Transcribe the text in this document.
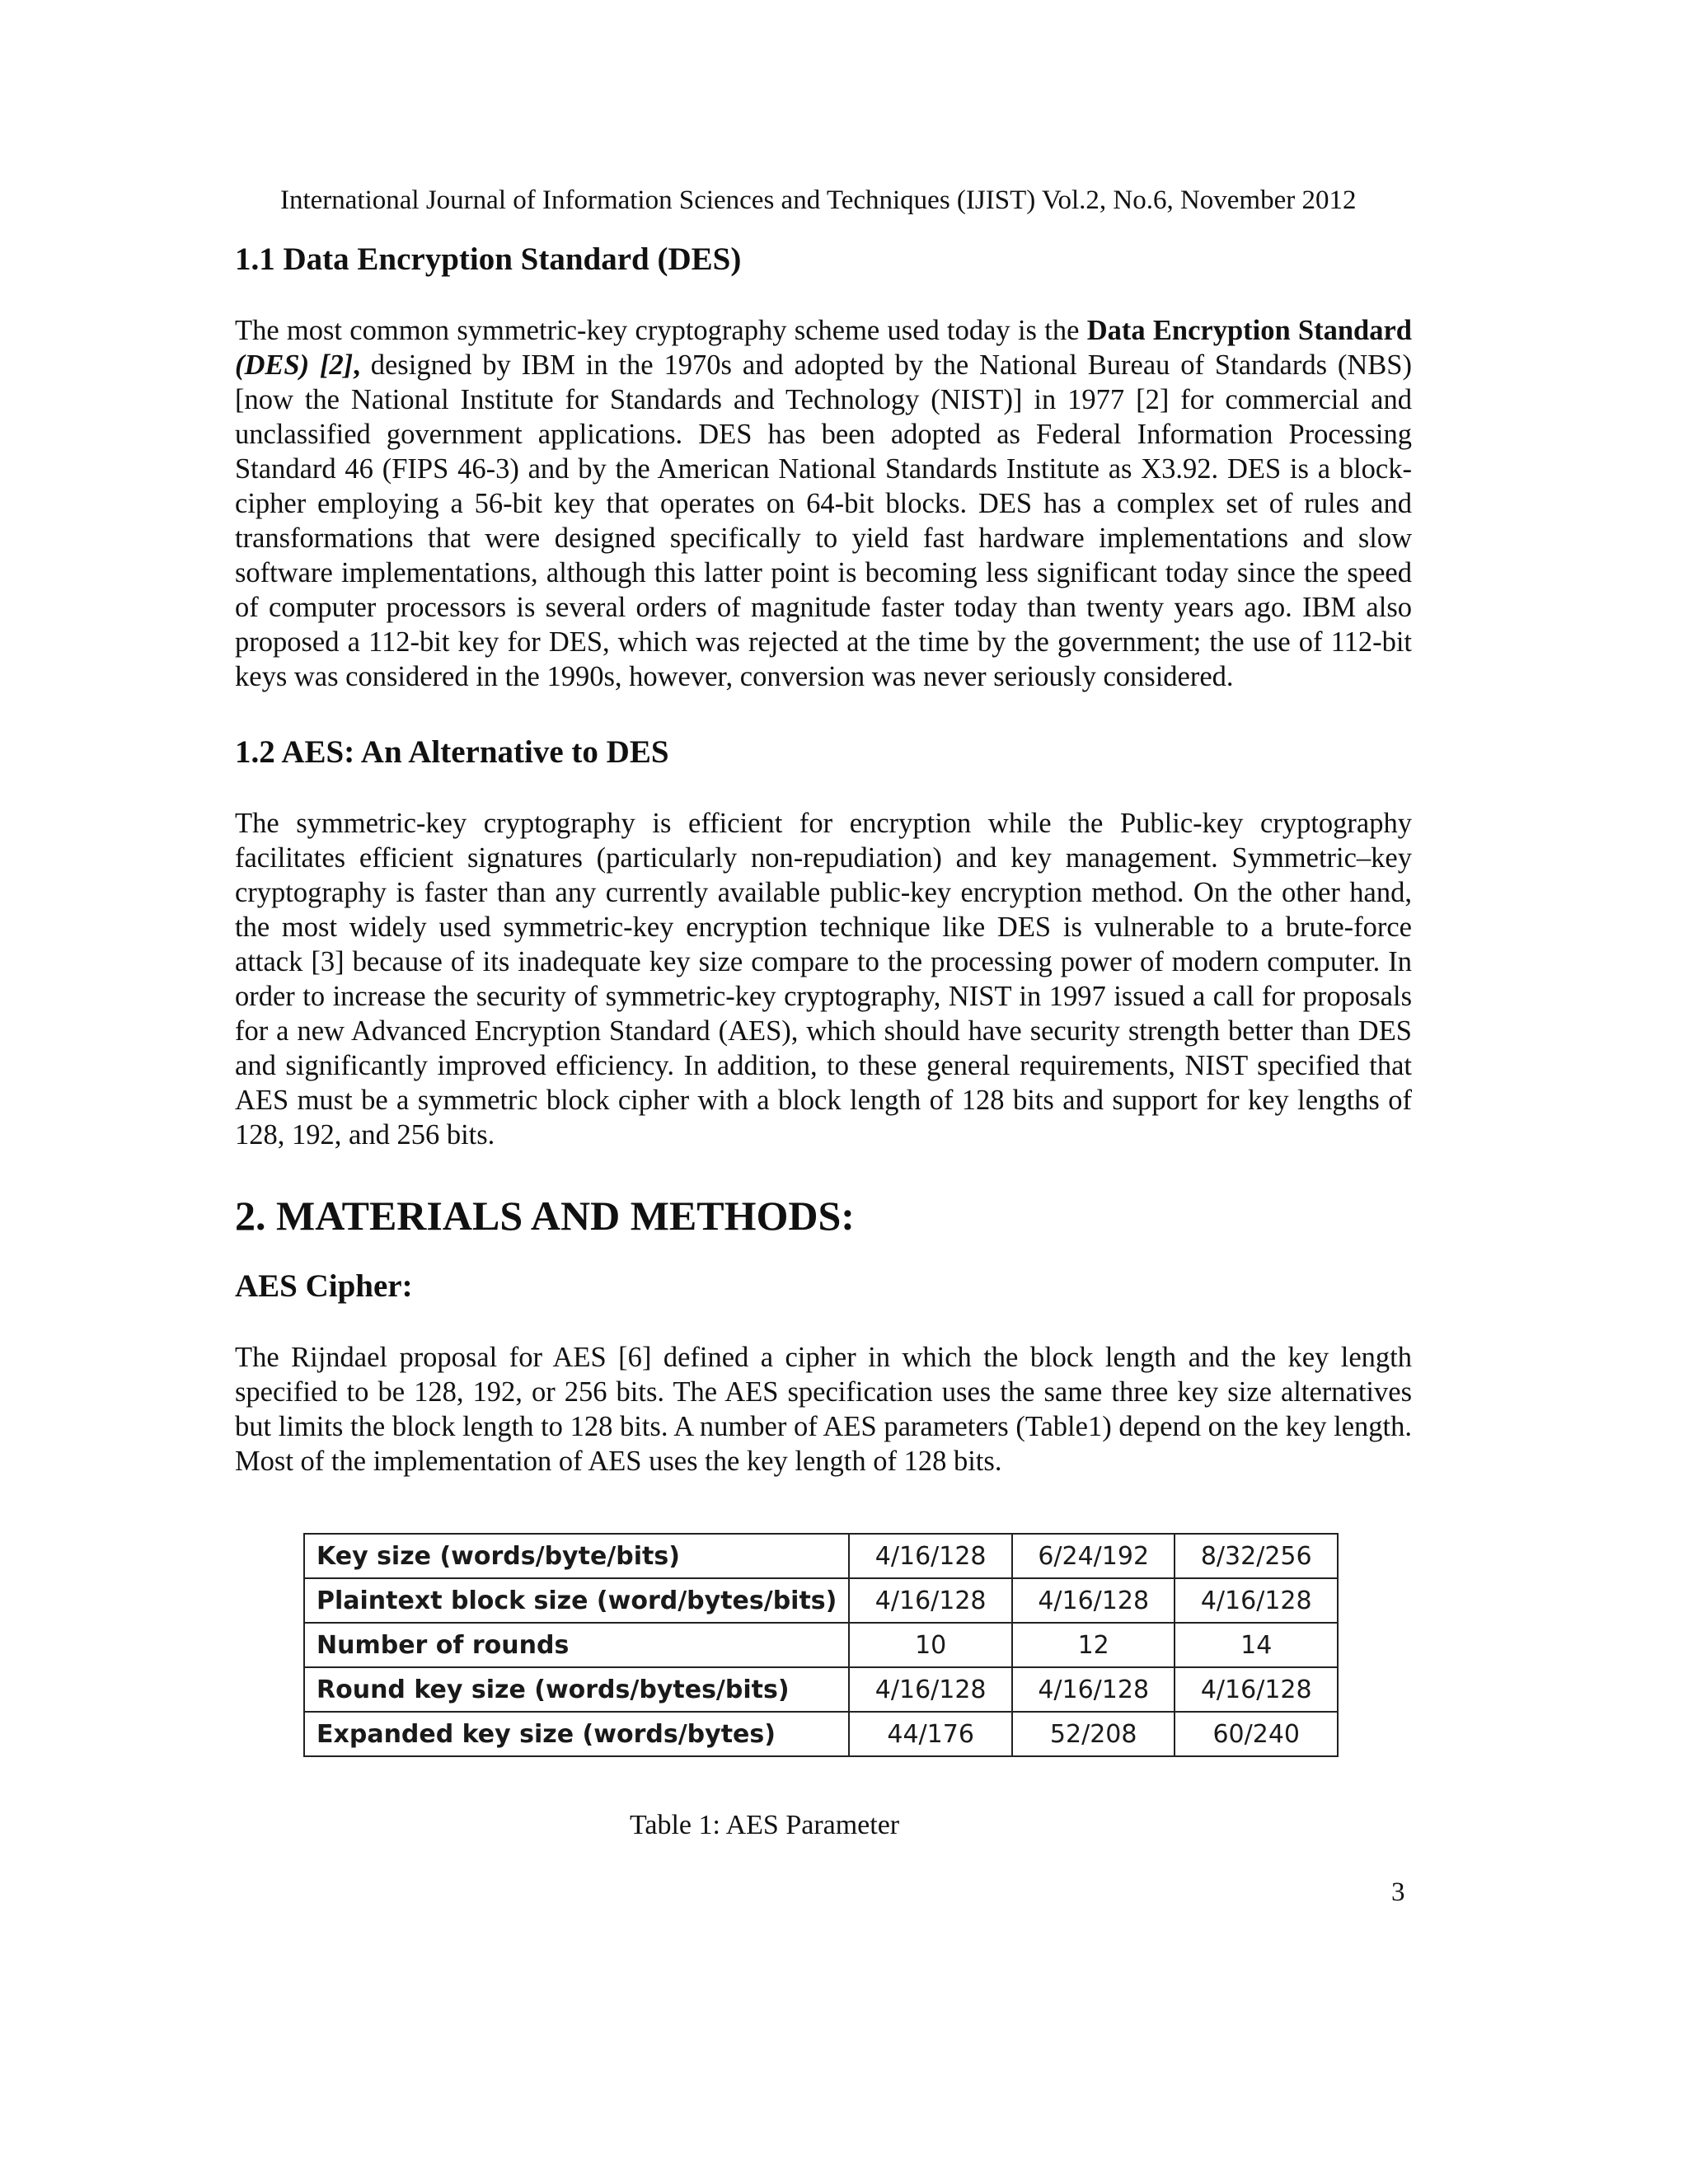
International Journal of Information Sciences and Techniques (IJIST) Vol.2, No.6, November 2012
1.1 Data Encryption Standard (DES)

The most common symmetric-key cryptography scheme used today is the Data Encryption Standard (DES) [2], designed by IBM in the 1970s and adopted by the National Bureau of Standards (NBS) [now the National Institute for Standards and Technology (NIST)] in 1977 [2] for commercial and unclassified government applications. DES has been adopted as Federal Information Processing Standard 46 (FIPS 46-3) and by the American National Standards Institute as X3.92. DES is a block-cipher employing a 56-bit key that operates on 64-bit blocks. DES has a complex set of rules and transformations that were designed specifically to yield fast hardware implementations and slow software implementations, although this latter point is becoming less significant today since the speed of computer processors is several orders of magnitude faster today than twenty years ago. IBM also proposed a 112-bit key for DES, which was rejected at the time by the government; the use of 112-bit keys was considered in the 1990s, however, conversion was never seriously considered.

1.2 AES: An Alternative to DES

The symmetric-key cryptography is efficient for encryption while the Public-key cryptography facilitates efficient signatures (particularly non-repudiation) and key management. Symmetric–key cryptography is faster than any currently available public-key encryption method. On the other hand, the most widely used symmetric-key encryption technique like DES is vulnerable to a brute-force attack [3] because of its inadequate key size compare to the processing power of modern computer. In order to increase the security of symmetric-key cryptography, NIST in 1997 issued a call for proposals for a new Advanced Encryption Standard (AES), which should have security strength better than DES and significantly improved efficiency. In addition, to these general requirements, NIST specified that AES must be a symmetric block cipher with a block length of 128 bits and support for key lengths of 128, 192, and 256 bits.

2. MATERIALS AND METHODS:
AES Cipher:

The Rijndael proposal for AES [6] defined a cipher in which the block length and the key length specified to be 128, 192, or 256 bits. The AES specification uses the same three key size alternatives but limits the block length to 128 bits. A number of AES parameters (Table1) depend on the key length. Most of the implementation of AES uses the key length of 128 bits.

Key size (words/byte/bits)	4/16/128	6/24/192	8/32/256
Plaintext block size (word/bytes/bits)	4/16/128	4/16/128	4/16/128
Number of rounds	10	12	14
Round key size (words/bytes/bits)	4/16/128	4/16/128	4/16/128
Expanded key size (words/bytes)	44/176	52/208	60/240
Table 1: AES Parameter
3
